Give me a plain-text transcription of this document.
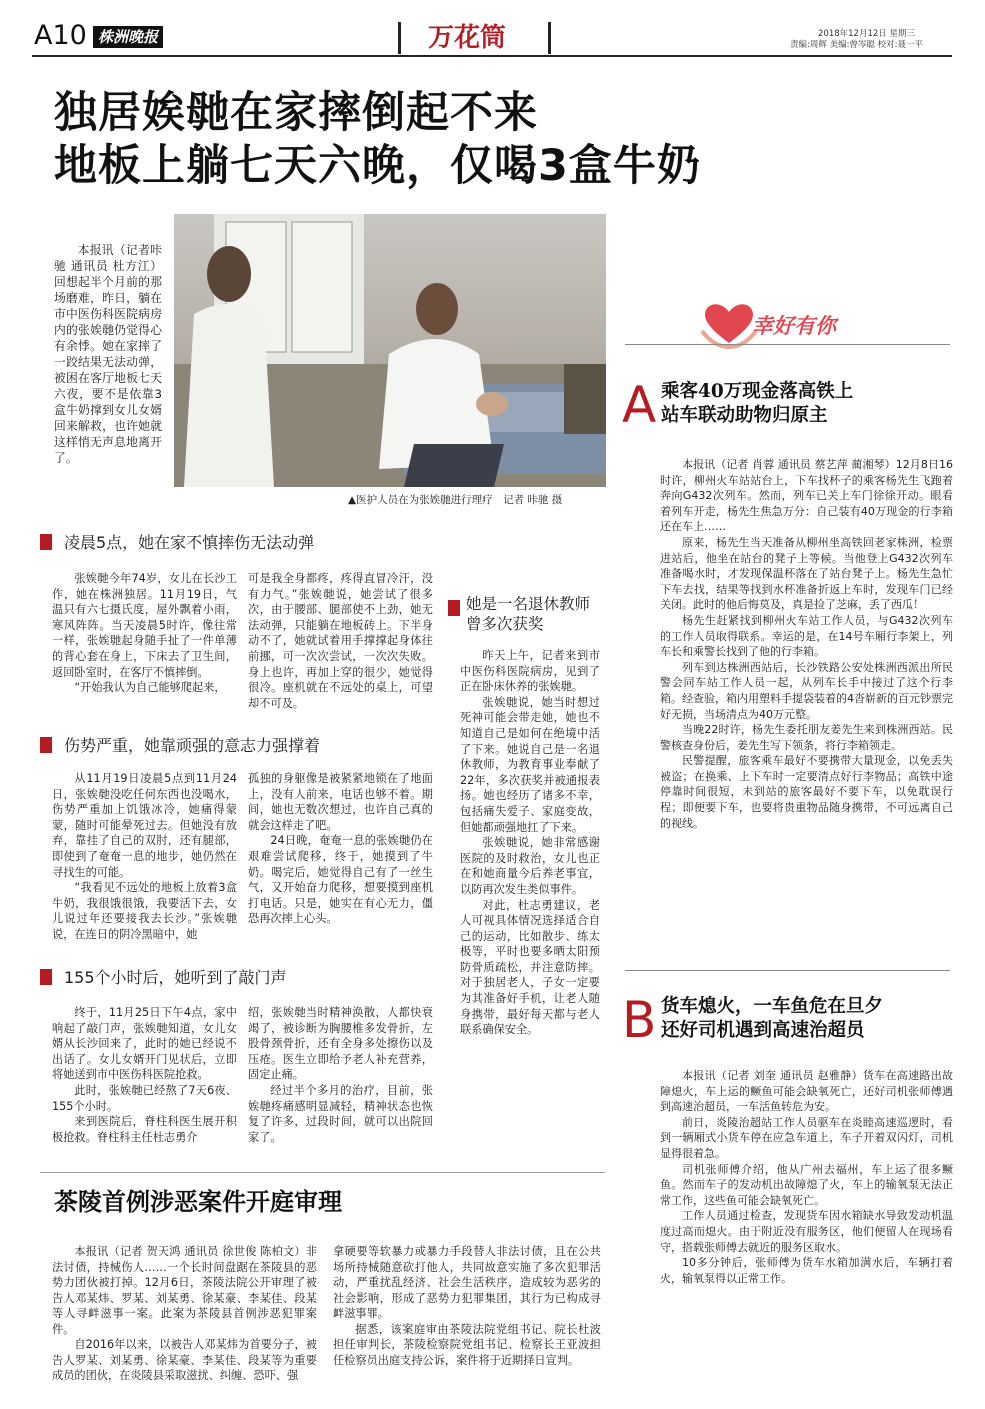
A10 株洲晚报	万花筒	2018年12月12日 星期三
责编:周辉 美编:曾岑聪 校对:聂一平
独居娭毑在家摔倒起不来
地板上躺七天六晚，仅喝3盒牛奶

本报讯（记者咔驰 通讯员 杜方江）回想起半个月前的那场磨难，昨日，躺在市中医伤科医院病房内的张娭毑仍觉得心有余悸。她在家摔了一跤结果无法动弹，被困在客厅地板七天六夜，要不是依靠3盒牛奶撑到女儿女婿回来解救，也许她就这样悄无声息地离开了。

▲医护人员在为张娭毑进行理疗　记者 咔驰 摄
凌晨5点，她在家不慎摔伤无法动弹

张娭毑今年74岁，女儿在长沙工作，她在株洲独居。11月19日，气温只有六七摄氏度，屋外飘着小雨，寒风阵阵。当天凌晨5时许，像往常一样，张娭毑起身随手扯了一件单薄的背心套在身上，下床去了卫生间，返回卧室时，在客厅不慎摔倒。

“开始我认为自己能够爬起来，

可是我全身都疼，疼得直冒冷汗，没有力气。”张娭毑说，她尝试了很多次，由于腰部、腿部使不上劲，她无法动弹，只能躺在地板砖上。下半身动不了，她就试着用手撑撑起身体往前挪，可一次次尝试，一次次失败。身上也许，再加上穿的很少，她觉得很冷。座机就在不远处的桌上，可望却不可及。

伤势严重，她靠顽强的意志力强撑着

从11月19日凌晨5点到11月24日，张娭毑没吃任何东西也没喝水，伤势严重加上饥饿冰冷，她痛得蒙蒙，随时可能晕死过去。但她没有放弃，靠挂了自己的双肘，还有腿部，即使到了奄奄一息的地步，她仍然在寻找生的可能。

“我看见不远处的地板上放着3盒牛奶，我很饿很饿，我要活下去，女儿说过年还要接我去长沙。”张娭毑说，在连日的阴冷黑暗中，她

孤独的身躯像是被紧紧地锁在了地面上，没有人前来，电话也够不着。期间，她也无数次想过，也许自己真的就会这样走了吧。

24日晚，奄奄一息的张娭毑仍在艰难尝试爬移，终于，她摸到了牛奶。喝完后，她觉得自己有了一丝生气，又开始奋力爬移，想要摸到座机打电话。只是，她实在有心无力，僵恐再次摔上心头。

155个小时后，她听到了敲门声

终于，11月25日下午4点，家中响起了敲门声，张娭毑知道，女儿女婿从长沙回来了，此时的她已经说不出话了。女儿女婿开门见状后，立即将她送到市中医伤科医院抢救。

此时，张娭毑已经熬了7天6夜、155个小时。

来到医院后，脊柱科医生展开积极抢救。脊柱科主任杜志勇介

绍，张娭毑当时精神涣散，人都快衰竭了，被诊断为胸腰椎多发骨折，左股骨颈骨折，还有全身多处擦伤以及压疮。医生立即给予老人补充营养，固定止痛。

经过半个多月的治疗，目前，张娭毑疼痛感明显减轻，精神状态也恢复了许多，过段时间，就可以出院回家了。

她是一名退休教师
曾多次获奖

昨天上午，记者来到市中医伤科医院病房，见到了正在卧床休养的张娭毑。

张娭毑说，她当时想过死神可能会带走她，她也不知道自己是如何在绝境中活了下来。她说自己是一名退休教师，为教育事业奉献了22年，多次获奖并被通报表扬。她也经历了诸多不幸，包括痛失爱子、家庭变故，但她都顽强地扛了下来。

张娭毑说，她非常感谢医院的及时救治，女儿也正在和她商量今后养老事宜，以防再次发生类似事件。

对此，杜志勇建议，老人可视具体情况选择适合自己的运动，比如散步、练太极等，平时也要多晒太阳预防骨质疏松，并注意防摔。对于独居老人，子女一定要为其准备好手机，让老人随身携带，最好每天都与老人联系确保安全。

茶陵首例涉恶案件开庭审理

本报讯（记者 贺天鸿 通讯员 徐世俊 陈柏文）非法讨债，持械伤人……一个长时间盘踞在茶陵县的恶势力团伙被打掉。12月6日，茶陵法院公开审理了被告人邓某炜、罗某、刘某勇、徐某豪、李某佳、段某等人寻衅滋事一案。此案为茶陵县首例涉恶犯罪案件。

自2016年以来，以被告人邓某炜为首要分子，被告人罗某、刘某勇、徐某豪、李某佳、段某等为重要成员的团伙，在炎陵县采取滋扰、纠缠、恐吓、强

拿硬要等软暴力或暴力手段替人非法讨债，且在公共场所持械随意砍打他人，共同故意实施了多次犯罪活动，严重扰乱经济、社会生活秩序，造成较为恶劣的社会影响，形成了恶势力犯罪集团，其行为已构成寻衅滋事罪。

据悉，该案庭审由茶陵法院党组书记、院长杜波担任审判长，茶陵检察院党组书记、检察长王亚波担任检察员出庭支持公诉，案件将于近期择日宣判。

幸好有你
A 乘客40万现金落高铁上
站车联动助物归原主

本报讯（记者 肖蓉 通讯员 蔡艺萍 蔺湘琴）12月8日16时许，柳州火车站站台上，下车找杯子的乘客杨先生飞跑着奔向G432次列车。然而，列车已关上车门徐徐开动。眼看着列车开走，杨先生焦急万分：自己装有40万现金的行李箱还在车上……

原来，杨先生当天准备从柳州坐高铁回老家株洲，检票进站后，他坐在站台的凳子上等候。当他登上G432次列车准备喝水时，才发现保温杯落在了站台凳子上。杨先生急忙下车去找，结果等找到水杯准备折返上车时，发现车门已经关闭。此时的他后悔莫及，真是捡了芝麻，丢了西瓜！

杨先生赶紧找到柳州火车站工作人员，与G432次列车的工作人员取得联系。幸运的是，在14号车厢行李架上，列车长和乘警长找到了他的行李箱。

列车到达株洲西站后，长沙铁路公安处株洲西派出所民警会同车站工作人员一起，从列车长手中接过了这个行李箱。经查验，箱内用塑料手提袋装着的4沓崭新的百元钞票完好无损，当场清点为40万元整。

当晚22时许，杨先生委托朋友姜先生来到株洲西站。民警核查身份后，姜先生写下领条，将行李箱领走。

民警提醒，旅客乘车最好不要携带大量现金，以免丢失被盗；在换乘、上下车时一定要清点好行李物品；高铁中途停靠时间很短，未到站的旅客最好不要下车，以免耽误行程；即便要下车，也要将贵重物品随身携带，不可远离自己的视线。

B 货车熄火，一车鱼危在旦夕
还好司机遇到高速治超员

本报讯（记者 刘奎 通讯员 赵雅静）货车在高速路出故障熄火，车上运的鳜鱼可能会缺氧死亡，还好司机张师傅遇到高速治超员，一车活鱼转危为安。

前日，炎陵治超站工作人员驱车在炎睦高速巡逻时，看到一辆厢式小货车停在应急车道上，车子开着双闪灯，司机显得很着急。

司机张师傅介绍，他从广州去福州，车上运了很多鳜鱼。然而车子的发动机出故障熄了火，车上的输氧泵无法正常工作，这些鱼可能会缺氧死亡。

工作人员通过检查，发现货车因水箱缺水导致发动机温度过高而熄火。由于附近没有服务区，他们便留人在现场看守，搭载张师傅去就近的服务区取水。

10多分钟后，张师傅为货车水箱加满水后，车辆打着火，输氧泵得以正常工作。
